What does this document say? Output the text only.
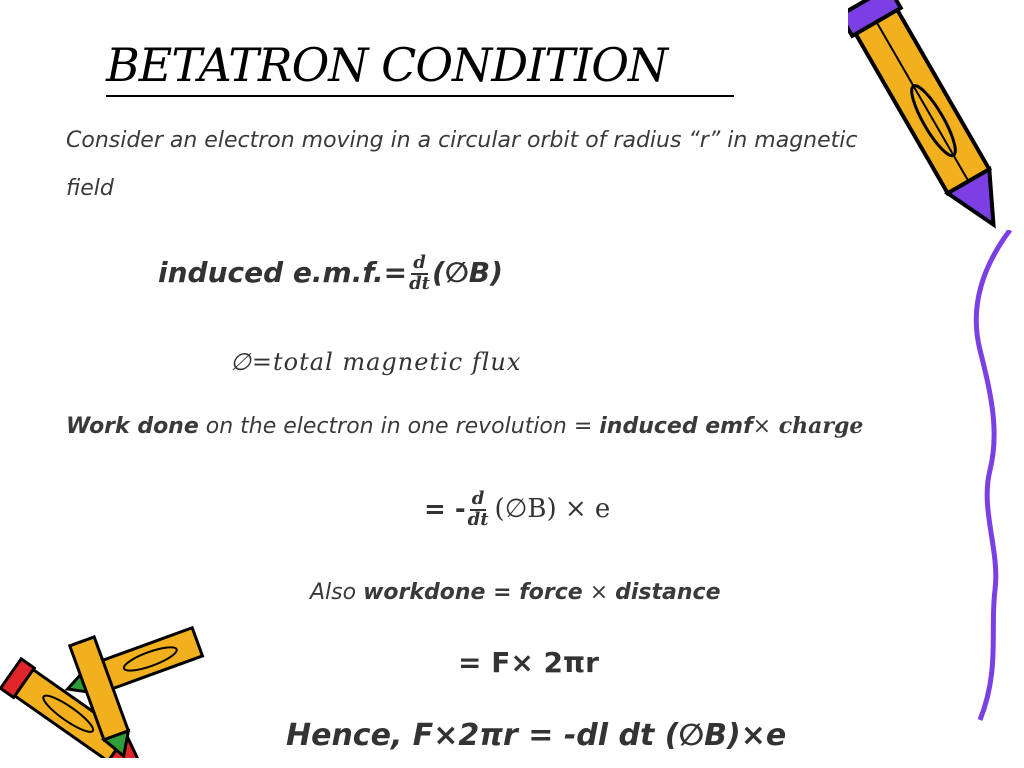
BETATRON CONDITION
Consider an electron moving in a circular orbit of radius “r” in magnetic
field
induced $e.m.f.= \frac{d}{dt}$ (∅B)
∅=total magnetic flux
Work done on the electron in one revolution = induced emf× charge
= - $\frac{d}{dt}$ (∅B) × e
Also workdone = force × distance
= F× 2πr
Hence, F×2πr = -dl dt (∅B)×e
